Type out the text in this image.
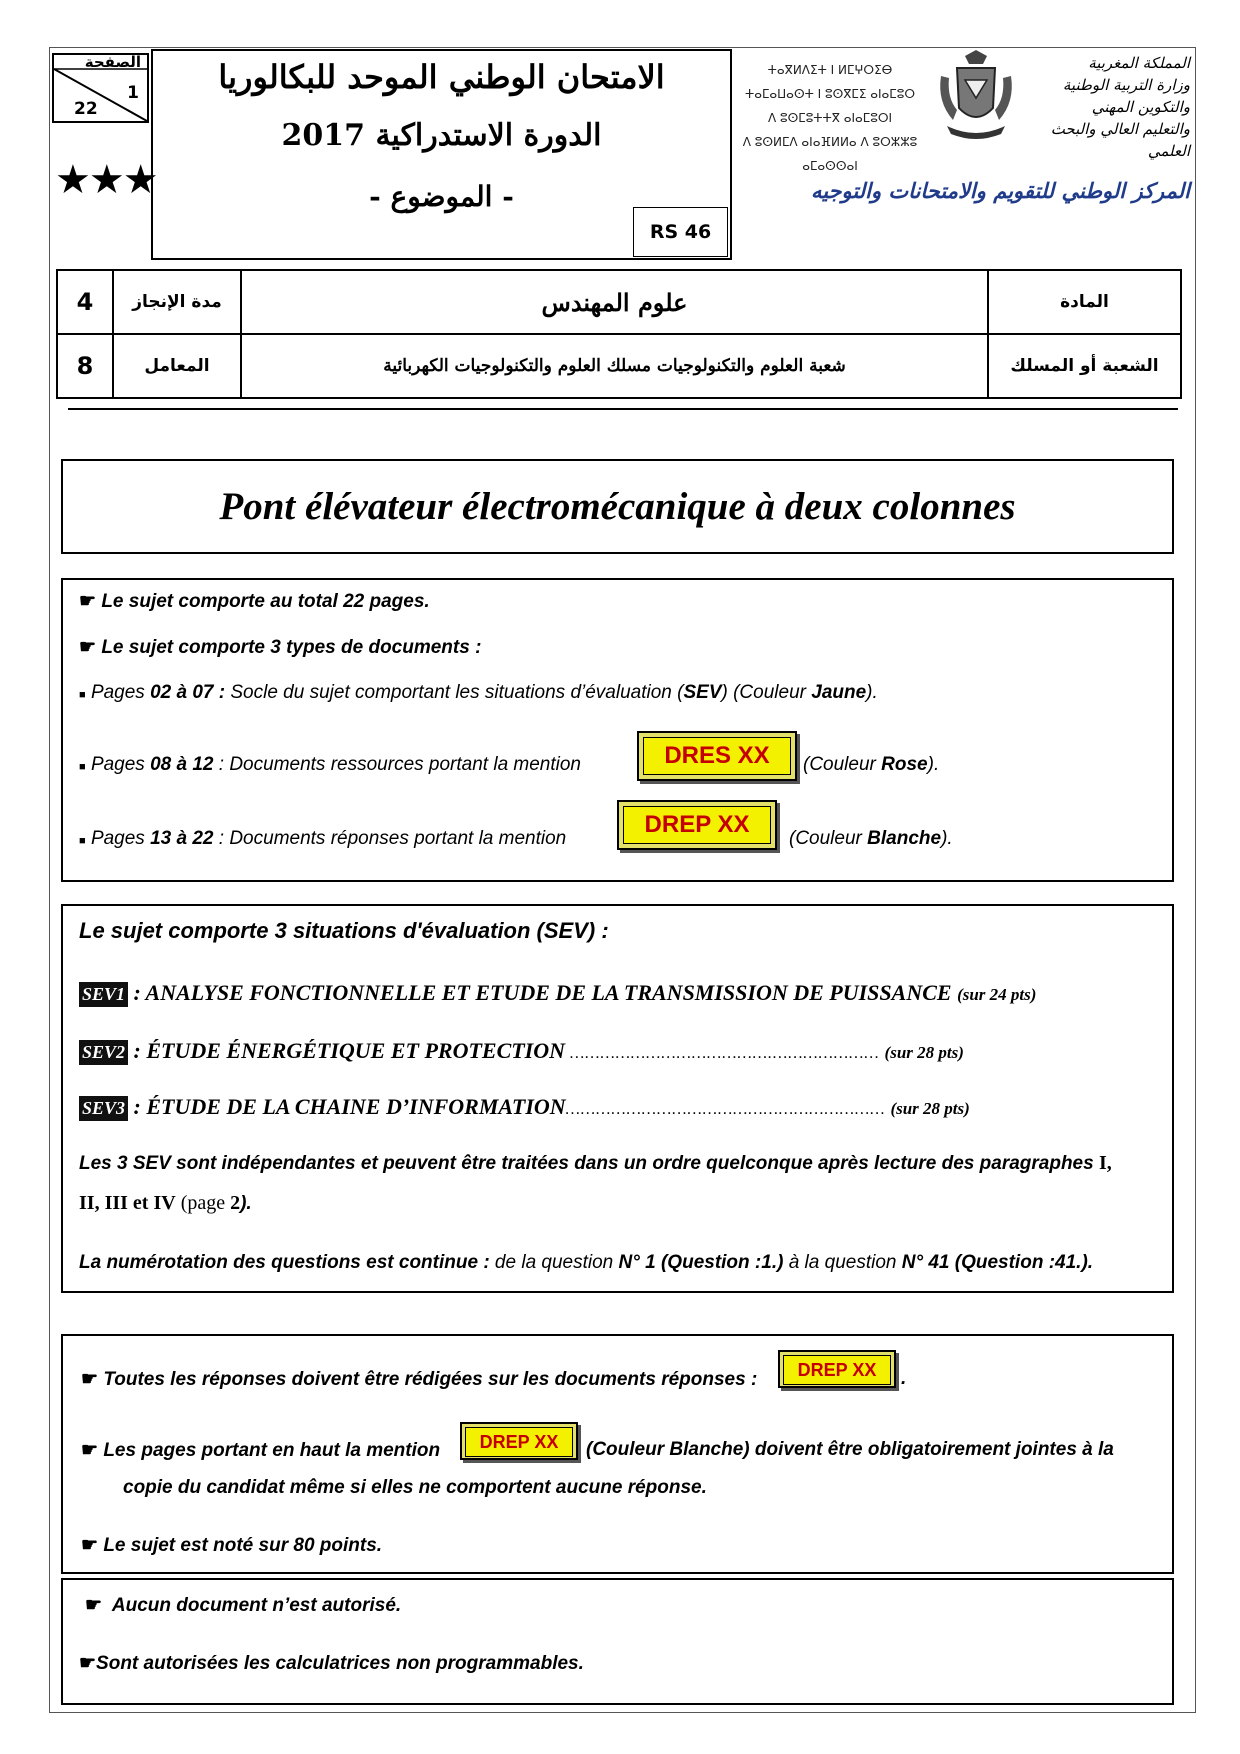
الصفحة
1
22
★★★
الامتحان الوطني الموحد للبكالوريا
الدورة الاستدراكية 2017
- الموضوع -
RS 46
ⵜⴰⴳⵍⴷⵉⵜ ⵏ ⵍⵎⵖⵔⵉⴱ
ⵜⴰⵎⴰⵡⴰⵙⵜ ⵏ ⵓⵙⴳⵎⵉ ⴰⵏⴰⵎⵓⵔ
ⴷ ⵓⵙⵎⵓⵜⵜⴳ ⴰⵏⴰⵎⵓⵔⵏ
ⴷ ⵓⵙⵍⵎⴷ ⴰⵏⴰⴼⵍⵍⴰ ⴷ ⵓⵔⵣⵣⵓ ⴰⵎⴰⵙⵙⴰⵏ
المملكة المغربية
وزارة التربية الوطنية
والتكوين المهني
والتعليم العالي والبحث العلمي
المركز الوطني للتقويم والامتحانات والتوجيه
4	مدة الإنجاز	علوم المهندس	المادة
8	المعامل	شعبة العلوم والتكنولوجيات مسلك العلوم والتكنولوجيات الكهربائية	الشعبة أو المسلك
Pont élévateur électromécanique à deux colonnes
☛ Le sujet comporte au total 22 pages.
☛ Le sujet comporte 3 types de documents :
■ Pages 02 à 07 : Socle du sujet comportant les situations d’évaluation (SEV) (Couleur Jaune).
■ Pages 08 à 12 : Documents ressources portant la mention	DRES XX	(Couleur Rose).
■ Pages 13 à 22 : Documents réponses portant la mention
DREP XX
(Couleur Blanche).
Le sujet comporte 3 situations d'évaluation (SEV) :
SEV1 : ANALYSE FONCTIONNELLE ET ETUDE DE LA TRANSMISSION DE PUISSANCE (sur 24 pts)
SEV2 : ÉTUDE ÉNERGÉTIQUE ET PROTECTION ………………………………….………………… (sur 28 pts)
SEV3 : ÉTUDE DE LA CHAINE D’INFORMATION……………………………………………………… (sur 28 pts)
Les 3 SEV sont indépendantes et peuvent être traitées dans un ordre quelconque après lecture des paragraphes I,
II, III et IV (page 2).
La numérotation des questions est continue : de la question N° 1 (Question :1.) à la question N° 41 (Question :41.).
☛ Toutes les réponses doivent être rédigées sur les documents réponses :	DREP XX	.
☛ Les pages portant en haut la mention	DREP XX	(Couleur Blanche) doivent être obligatoirement jointes à la
copie du candidat même si elles ne comportent aucune réponse.
☛ Le sujet est noté sur 80 points.
☛ Aucun document n’est autorisé.
☛Sont autorisées les calculatrices non programmables.
